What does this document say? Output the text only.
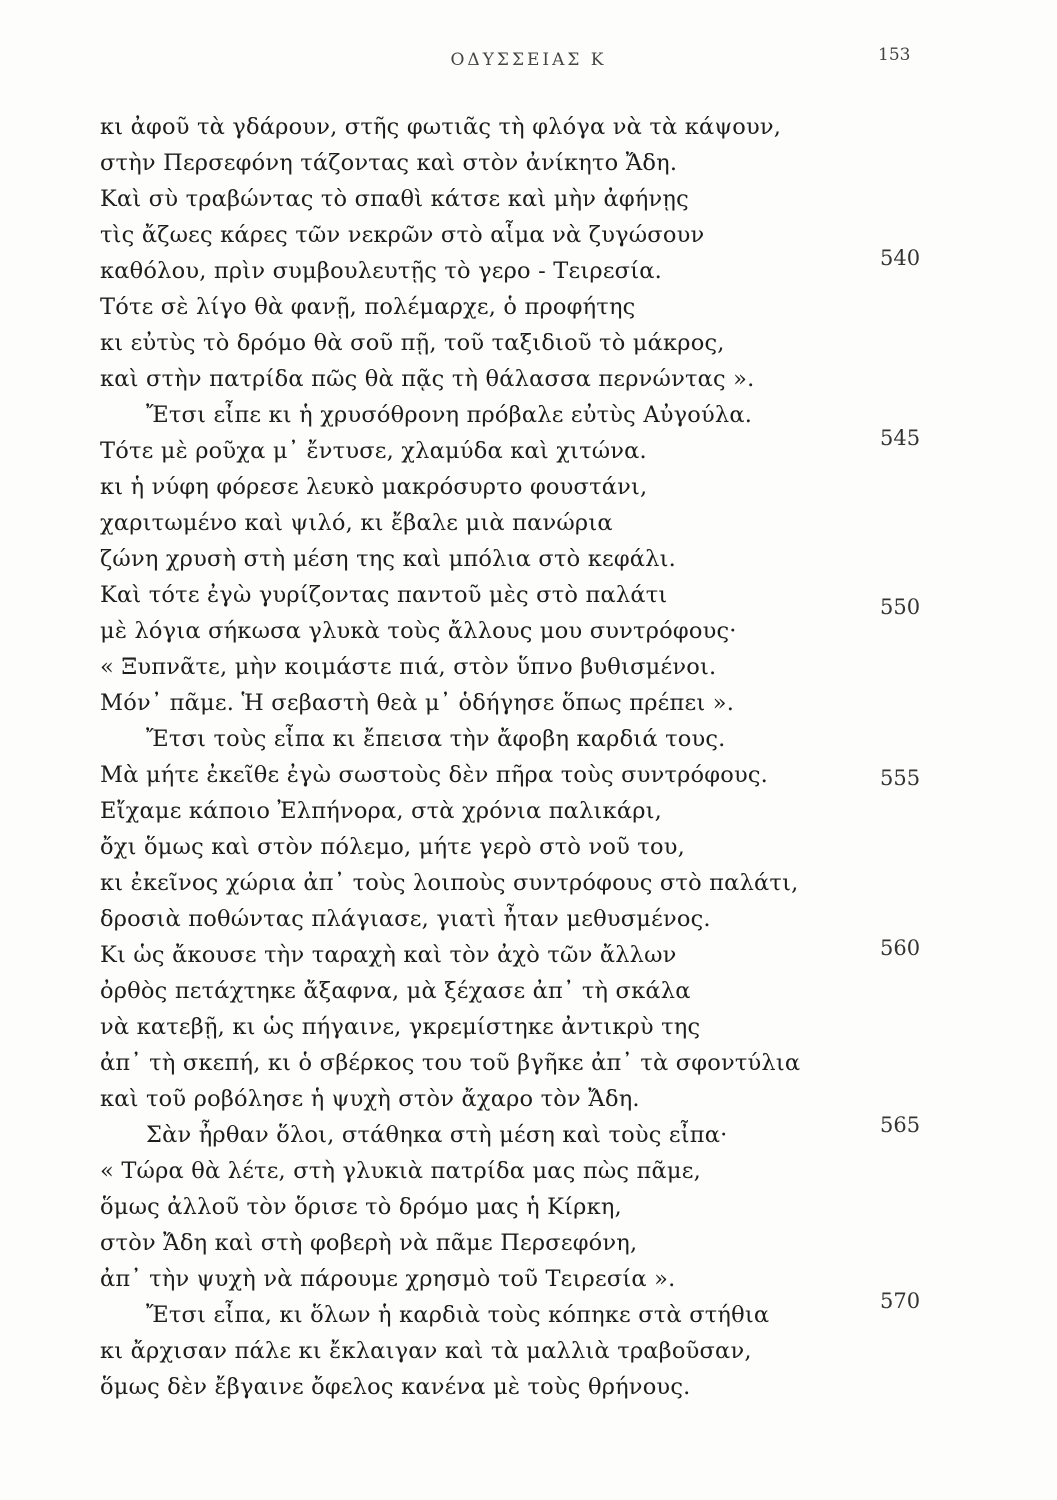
ΟΔΥΣΣΕΙΑΣ Κ	153
κι ἀφοῦ τὰ γδάρουν, στῆς φωτιᾶς τὴ φλόγα νὰ τὰ κάψουν,
στὴν Περσεφόνη τάζοντας καὶ στὸν ἀνίκητο Ἄδη.
Καὶ σὺ τραβώντας τὸ σπαθὶ κάτσε καὶ μὴν ἀφήνῃς
τὶς ἄζωες κάρες τῶν νεκρῶν στὸ αἷμα νὰ ζυγώσουν
καθόλου, πρὶν συμβουλευτῇς τὸ γερο - Τειρεσία.
Τότε σὲ λίγο θὰ φανῇ, πολέμαρχε, ὁ προφήτης
κι εὐτὺς τὸ δρόμο θὰ σοῦ πῇ, τοῦ ταξιδιοῦ τὸ μάκρος,
καὶ στὴν πατρίδα πῶς θὰ πᾷς τὴ θάλασσα περνώντας ».
Ἔτσι εἶπε κι ἡ χρυσόθρονη πρόβαλε εὐτὺς Αὐγούλα.
Τότε μὲ ροῦχα μ᾽ ἔντυσε, χλαμύδα καὶ χιτώνα.
κι ἡ νύφη φόρεσε λευκὸ μακρόσυρτο φουστάνι,
χαριτωμένο καὶ ψιλό, κι ἔβαλε μιὰ πανώρια
ζώνη χρυσὴ στὴ μέση της καὶ μπόλια στὸ κεφάλι.
Καὶ τότε ἐγὼ γυρίζοντας παντοῦ μὲς στὸ παλάτι
μὲ λόγια σήκωσα γλυκὰ τοὺς ἄλλους μου συντρόφους·
« Ξυπνᾶτε, μὴν κοιμάστε πιά, στὸν ὕπνο βυθισμένοι.
Μόν᾽ πᾶμε. Ἡ σεβαστὴ θεὰ μ᾽ ὁδήγησε ὅπως πρέπει ».
Ἔτσι τοὺς εἶπα κι ἔπεισα τὴν ἄφοβη καρδιά τους.
Μὰ μήτε ἐκεῖθε ἐγὼ σωστοὺς δὲν πῆρα τοὺς συντρόφους.
Εἴχαμε κάποιο Ἐλπήνορα, στὰ χρόνια παλικάρι,
ὄχι ὅμως καὶ στὸν πόλεμο, μήτε γερὸ στὸ νοῦ του,
κι ἐκεῖνος χώρια ἀπ᾽ τοὺς λοιποὺς συντρόφους στὸ παλάτι,
δροσιὰ ποθώντας πλάγιασε, γιατὶ ἦταν μεθυσμένος.
Κι ὡς ἄκουσε τὴν ταραχὴ καὶ τὸν ἀχὸ τῶν ἄλλων
ὀρθὸς πετάχτηκε ἄξαφνα, μὰ ξέχασε ἀπ᾽ τὴ σκάλα
νὰ κατεβῇ, κι ὡς πήγαινε, γκρεμίστηκε ἀντικρὺ της
ἀπ᾽ τὴ σκεπή, κι ὁ σβέρκος του τοῦ βγῆκε ἀπ᾽ τὰ σφοντύλια
καὶ τοῦ ροβόλησε ἡ ψυχὴ στὸν ἄχαρο τὸν Ἄδη.
Σὰν ἦρθαν ὅλοι, στάθηκα στὴ μέση καὶ τοὺς εἶπα·
« Τώρα θὰ λέτε, στὴ γλυκιὰ πατρίδα μας πὼς πᾶμε,
ὅμως ἀλλοῦ τὸν ὅρισε τὸ δρόμο μας ἡ Κίρκη,
στὸν Ἄδη καὶ στὴ φοβερὴ νὰ πᾶμε Περσεφόνη,
ἀπ᾽ τὴν ψυχὴ νὰ πάρουμε χρησμὸ τοῦ Τειρεσία ».
Ἔτσι εἶπα, κι ὅλων ἡ καρδιὰ τοὺς κόπηκε στὰ στήθια
κι ἄρχισαν πάλε κι ἔκλαιγαν καὶ τὰ μαλλιὰ τραβοῦσαν,
ὅμως δὲν ἔβγαινε ὄφελος κανένα μὲ τοὺς θρήνους.
540
545
550
555
560
565
570
